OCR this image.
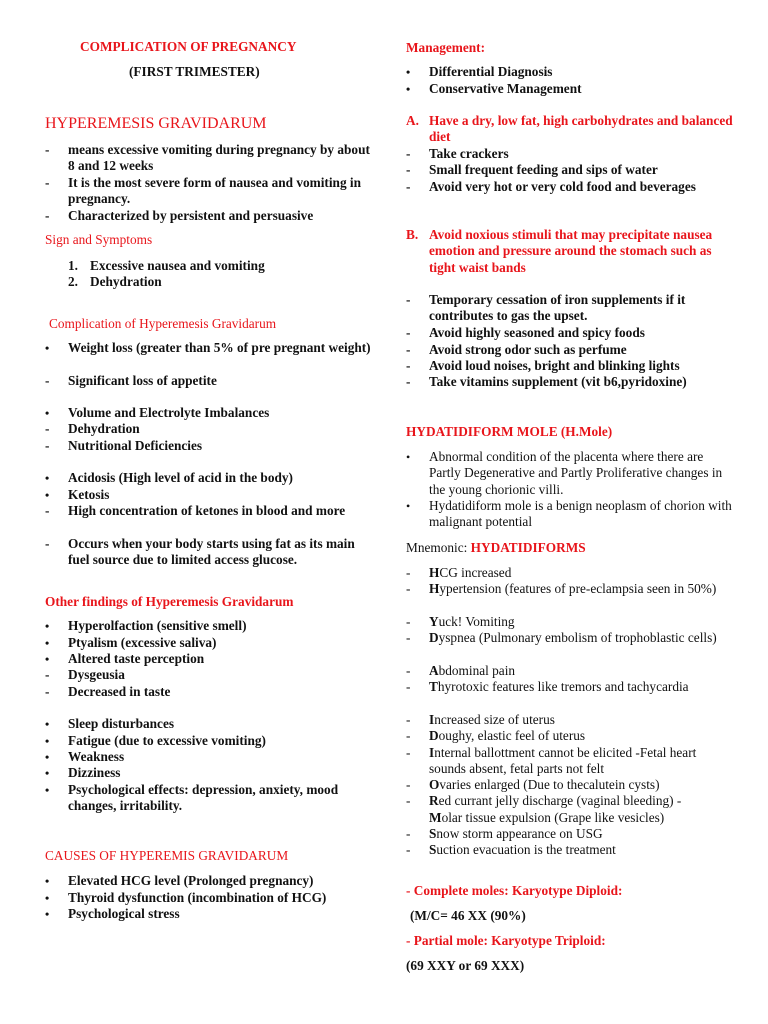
COMPLICATION OF PREGNANCY
(FIRST TRIMESTER)
HYPEREMESIS GRAVIDARUM
-	means excessive vomiting during pregnancy by about 8 and 12 weeks
-	It is the most severe form of nausea and vomiting in pregnancy.
-	Characterized by persistent and persuasive
Sign and Symptoms
1. Excessive nausea and vomiting
2. Dehydration
Complication of Hyperemesis Gravidarum
•	Weight loss (greater than 5% of pre pregnant weight)
-	Significant loss of appetite
•	Volume and Electrolyte Imbalances
-	Dehydration
-	Nutritional Deficiencies
•	Acidosis (High level of acid in the body)
•	Ketosis
-	High concentration of ketones in blood and more
-	Occurs when your body starts using fat as its main fuel source due to limited access glucose.
Other findings of Hyperemesis Gravidarum
•	Hyperolfaction (sensitive smell)
•	Ptyalism (excessive saliva)
•	Altered taste perception
-	Dysgeusia
-	Decreased in taste
•	Sleep disturbances
•	Fatigue (due to excessive vomiting)
•	Weakness
•	Dizziness
•	Psychological effects: depression, anxiety, mood changes, irritability.
CAUSES OF HYPEREMIS GRAVIDARUM
•	Elevated HCG level (Prolonged pregnancy)
•	Thyroid dysfunction (incombination of HCG)
•	Psychological stress
Management:
•	Differential Diagnosis
•	Conservative Management
A. Have a dry, low fat, high carbohydrates and balanced diet
-	Take crackers
-	Small frequent feeding and sips of water
-	Avoid very hot or very cold food and beverages
B. Avoid noxious stimuli that may precipitate nausea emotion and pressure around the stomach such as tight waist bands
-	Temporary cessation of iron supplements if it contributes to gas the upset.
-	Avoid highly seasoned and spicy foods
-	Avoid strong odor such as perfume
-	Avoid loud noises, bright and blinking lights
-	Take vitamins supplement (vit b6,pyridoxine)
HYDATIDIFORM MOLE (H.Mole)
•	Abnormal condition of the placenta where there are Partly Degenerative and Partly Proliferative changes in the young chorionic villi.
•	Hydatidiform mole is a benign neoplasm of chorion with malignant potential
Mnemonic: HYDATIDIFORMS
-	HCG increased
-	Hypertension (features of pre-eclampsia seen in 50%)
-	Yuck! Vomiting
-	Dyspnea (Pulmonary embolism of trophoblastic cells)
-	Abdominal pain
-	Thyrotoxic features like tremors and tachycardia
-	Increased size of uterus
-	Doughy, elastic feel of uterus
-	Internal ballottment cannot be elicited -Fetal heart sounds absent, fetal parts not felt
-	Ovaries enlarged (Due to thecalutein cysts)
-	Red currant jelly discharge (vaginal bleeding) -
Molar tissue expulsion (Grape like vesicles)
-	Snow storm appearance on USG
-	Suction evacuation is the treatment
- Complete moles: Karyotype Diploid:
(M/C= 46 XX (90%)
- Partial mole: Karyotype Triploid:
(69 XXY or 69 XXX)
